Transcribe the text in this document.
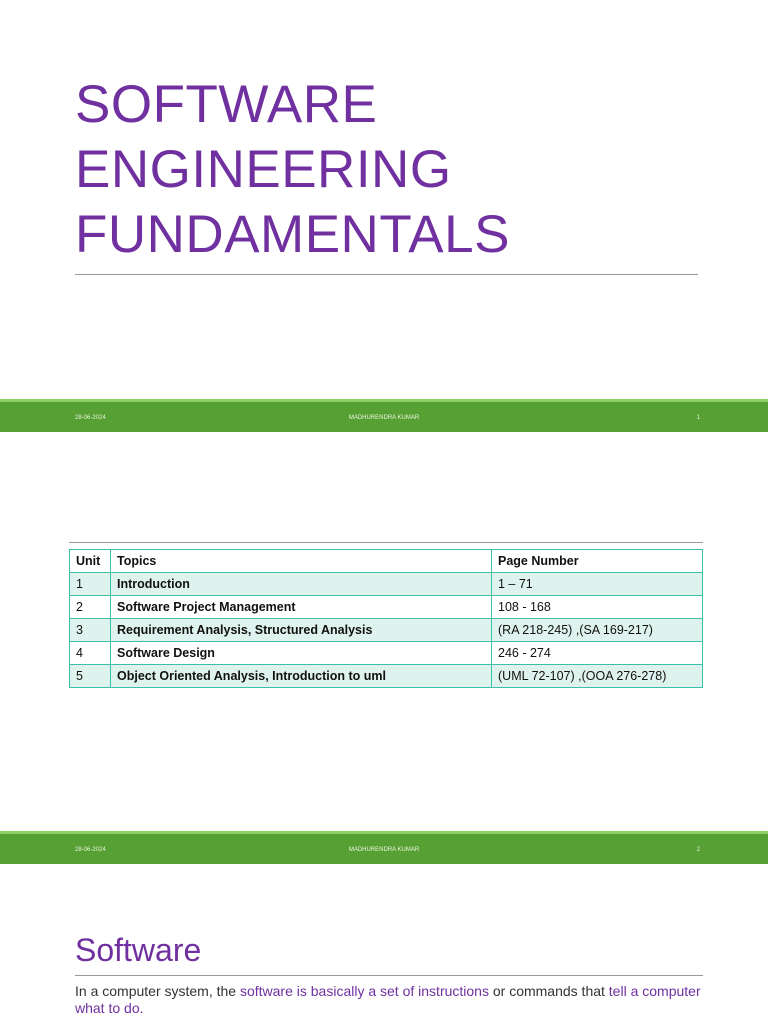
SOFTWARE
ENGINEERING
FUNDAMENTALS
28-06-2024	MADHURENDRA KUMAR	1
28-06-2024	MADHURENDRA KUMAR	2
Unit	Topics	Page Number
1	Introduction	1 – 71
2	Software Project Management	108 - 168
3	Requirement Analysis, Structured Analysis	(RA 218-245) ,(SA 169-217)
4	Software Design	246 - 274
5	Object Oriented Analysis, Introduction to uml	(UML 72-107) ,(OOA 276-278)
Software

In a computer system, the software is basically a set of instructions or commands that tell a computer what to do.
